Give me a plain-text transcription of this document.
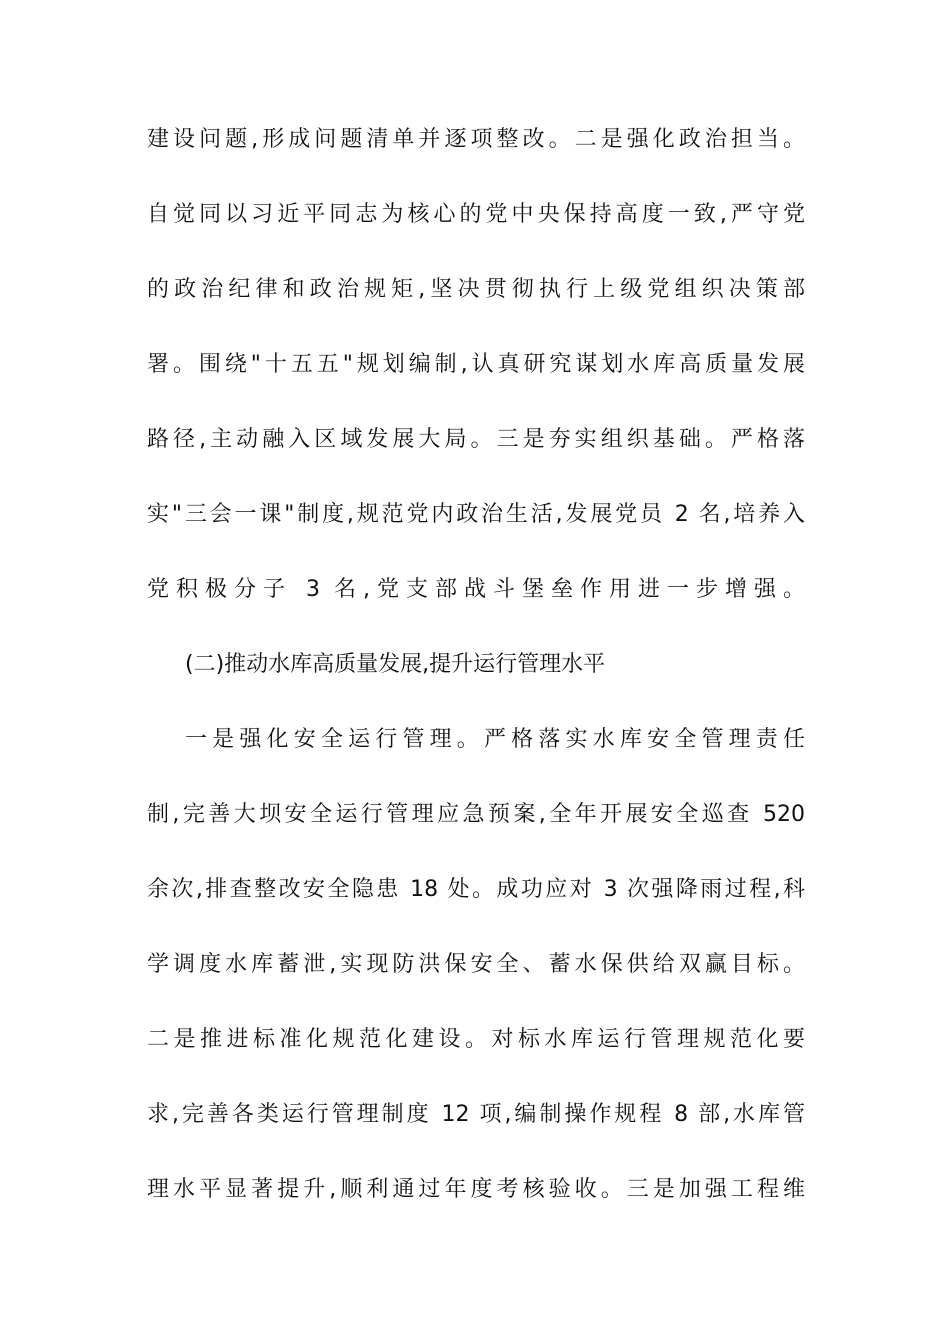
建设问题,形成问题清单并逐项整改。二是强化政治担当。
自觉同以习近平同志为核心的党中央保持高度一致,严守党
的政治纪律和政治规矩,坚决贯彻执行上级党组织决策部
署。围绕"十五五"规划编制,认真研究谋划水库高质量发展
路径,主动融入区域发展大局。三是夯实组织基础。严格落
实"三会一课"制度,规范党内政治生活,发展党员 2 名,培养入
党积极分子 3 名,党支部战斗堡垒作用进一步增强。
(二)推动水库高质量发展,提升运行管理水平
一是强化安全运行管理。严格落实水库安全管理责任
制,完善大坝安全运行管理应急预案,全年开展安全巡查 520
余次,排查整改安全隐患 18 处。成功应对 3 次强降雨过程,科
学调度水库蓄泄,实现防洪保安全、蓄水保供给双赢目标。
二是推进标准化规范化建设。对标水库运行管理规范化要
求,完善各类运行管理制度 12 项,编制操作规程 8 部,水库管
理水平显著提升,顺利通过年度考核验收。三是加强工程维
